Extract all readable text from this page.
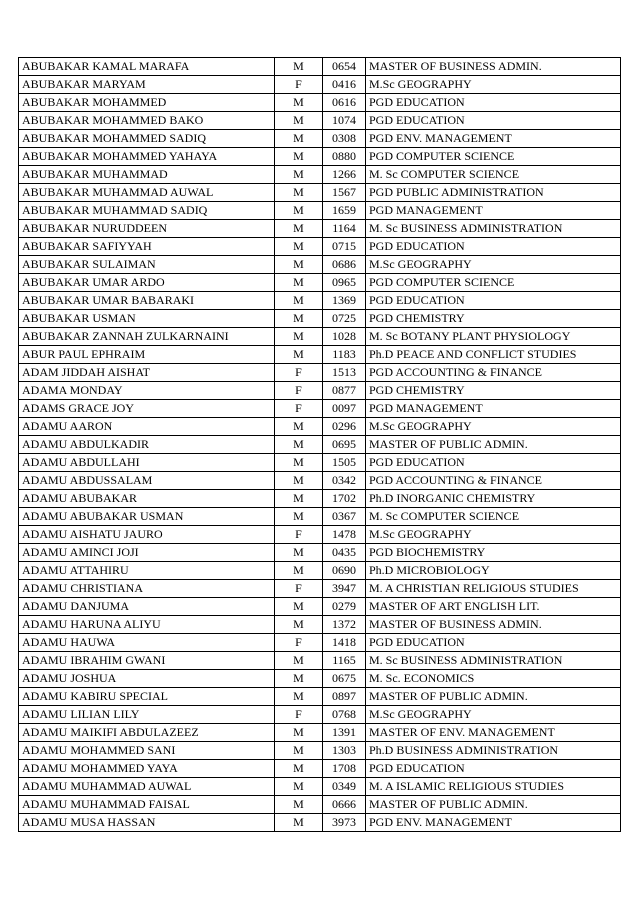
ABUBAKAR KAMAL MARAFA	M	0654	MASTER OF BUSINESS ADMIN.
ABUBAKAR MARYAM	F	0416	M.Sc GEOGRAPHY
ABUBAKAR MOHAMMED	M	0616	PGD EDUCATION
ABUBAKAR MOHAMMED BAKO	M	1074	PGD EDUCATION
ABUBAKAR MOHAMMED SADIQ	M	0308	PGD ENV. MANAGEMENT
ABUBAKAR MOHAMMED YAHAYA	M	0880	PGD COMPUTER SCIENCE
ABUBAKAR MUHAMMAD	M	1266	M. Sc COMPUTER SCIENCE
ABUBAKAR MUHAMMAD AUWAL	M	1567	PGD PUBLIC ADMINISTRATION
ABUBAKAR MUHAMMAD SADIQ	M	1659	PGD MANAGEMENT
ABUBAKAR NURUDDEEN	M	1164	M. Sc BUSINESS ADMINISTRATION
ABUBAKAR SAFIYYAH	M	0715	PGD EDUCATION
ABUBAKAR SULAIMAN	M	0686	M.Sc GEOGRAPHY
ABUBAKAR UMAR ARDO	M	0965	PGD COMPUTER SCIENCE
ABUBAKAR UMAR BABARAKI	M	1369	PGD EDUCATION
ABUBAKAR USMAN	M	0725	PGD CHEMISTRY
ABUBAKAR ZANNAH ZULKARNAINI	M	1028	M. Sc BOTANY PLANT PHYSIOLOGY
ABUR PAUL EPHRAIM	M	1183	Ph.D PEACE AND CONFLICT STUDIES
ADAM JIDDAH AISHAT	F	1513	PGD ACCOUNTING & FINANCE
ADAMA MONDAY	F	0877	PGD CHEMISTRY
ADAMS GRACE JOY	F	0097	PGD MANAGEMENT
ADAMU AARON	M	0296	M.Sc GEOGRAPHY
ADAMU ABDULKADIR	M	0695	MASTER OF PUBLIC ADMIN.
ADAMU ABDULLAHI	M	1505	PGD EDUCATION
ADAMU ABDUSSALAM	M	0342	PGD ACCOUNTING & FINANCE
ADAMU ABUBAKAR	M	1702	Ph.D INORGANIC CHEMISTRY
ADAMU ABUBAKAR USMAN	M	0367	M. Sc COMPUTER SCIENCE
ADAMU AISHATU JAURO	F	1478	M.Sc GEOGRAPHY
ADAMU AMINCI JOJI	M	0435	PGD BIOCHEMISTRY
ADAMU ATTAHIRU	M	0690	Ph.D MICROBIOLOGY
ADAMU CHRISTIANA	F	3947	M. A CHRISTIAN RELIGIOUS STUDIES
ADAMU DANJUMA	M	0279	MASTER OF ART ENGLISH LIT.
ADAMU HARUNA ALIYU	M	1372	MASTER OF BUSINESS ADMIN.
ADAMU HAUWA	F	1418	PGD EDUCATION
ADAMU IBRAHIM GWANI	M	1165	M. Sc BUSINESS ADMINISTRATION
ADAMU JOSHUA	M	0675	M. Sc. ECONOMICS
ADAMU KABIRU SPECIAL	M	0897	MASTER OF PUBLIC ADMIN.
ADAMU LILIAN LILY	F	0768	M.Sc GEOGRAPHY
ADAMU MAIKIFI ABDULAZEEZ	M	1391	MASTER OF ENV. MANAGEMENT
ADAMU MOHAMMED SANI	M	1303	Ph.D BUSINESS ADMINISTRATION
ADAMU MOHAMMED YAYA	M	1708	PGD EDUCATION
ADAMU MUHAMMAD AUWAL	M	0349	M. A ISLAMIC RELIGIOUS STUDIES
ADAMU MUHAMMAD FAISAL	M	0666	MASTER OF PUBLIC ADMIN.
ADAMU MUSA HASSAN	M	3973	PGD ENV. MANAGEMENT
